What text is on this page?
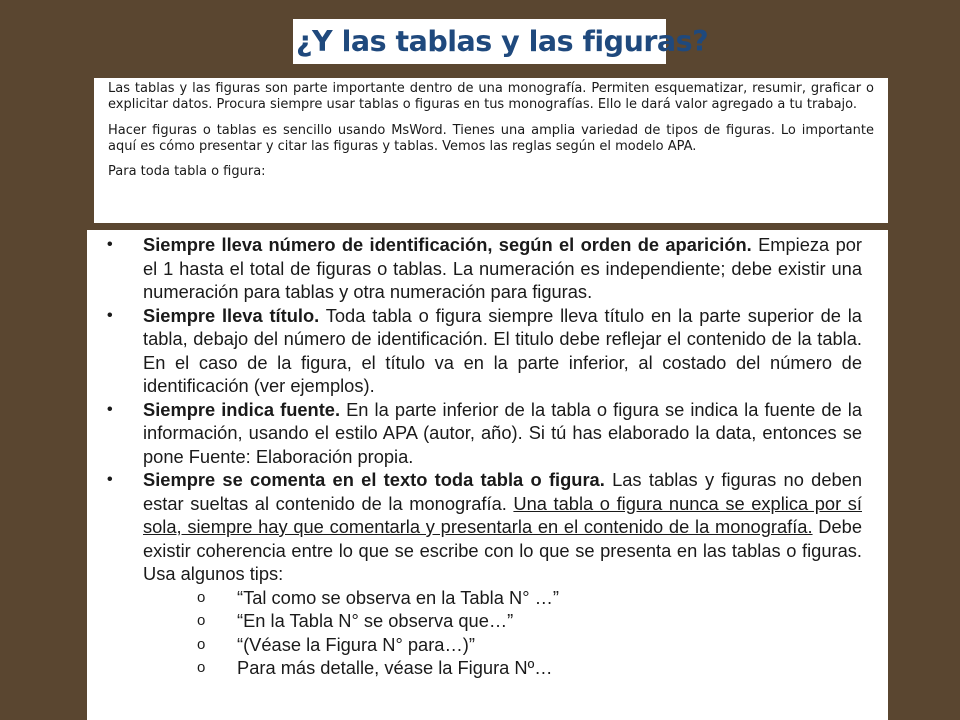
¿Y las tablas y las figuras?

Las tablas y las figuras son parte importante dentro de una monografía. Permiten esquematizar, resumir, graficar o explicitar datos. Procura siempre usar tablas o figuras en tus monografías. Ello le dará valor agregado a tu trabajo.

Hacer figuras o tablas es sencillo usando MsWord. Tienes una amplia variedad de tipos de figuras. Lo importante aquí es cómo presentar y citar las figuras y tablas. Vemos las reglas según el modelo APA.

Para toda tabla o figura:

•	Siempre lleva número de identificación, según el orden de aparición. Empieza por el 1 hasta el total de figuras o tablas. La numeración es independiente; debe existir una numeración para tablas y otra numeración para figuras.
•	Siempre lleva título. Toda tabla o figura siempre lleva título en la parte superior de la tabla, debajo del número de identificación. El titulo debe reflejar el contenido de la tabla. En el caso de la figura, el título va en la parte inferior, al costado del número de identificación (ver ejemplos).
•	Siempre indica fuente. En la parte inferior de la tabla o figura se indica la fuente de la información, usando el estilo APA (autor, año). Si tú has elaborado la data, entonces se pone Fuente: Elaboración propia.
•	Siempre se comenta en el texto toda tabla o figura. Las tablas y figuras no deben estar sueltas al contenido de la monografía. Una tabla o figura nunca se explica por sí sola, siempre hay que comentarla y presentarla en el contenido de la monografía. Debe existir coherencia entre lo que se escribe con lo que se presenta en las tablas o figuras. Usa algunos tips:
o	“Tal como se observa en la Tabla N° …”
o	“En la Tabla N° se observa que…”
o	“(Véase la Figura N° para…)”
o	Para más detalle, véase la Figura Nº…
